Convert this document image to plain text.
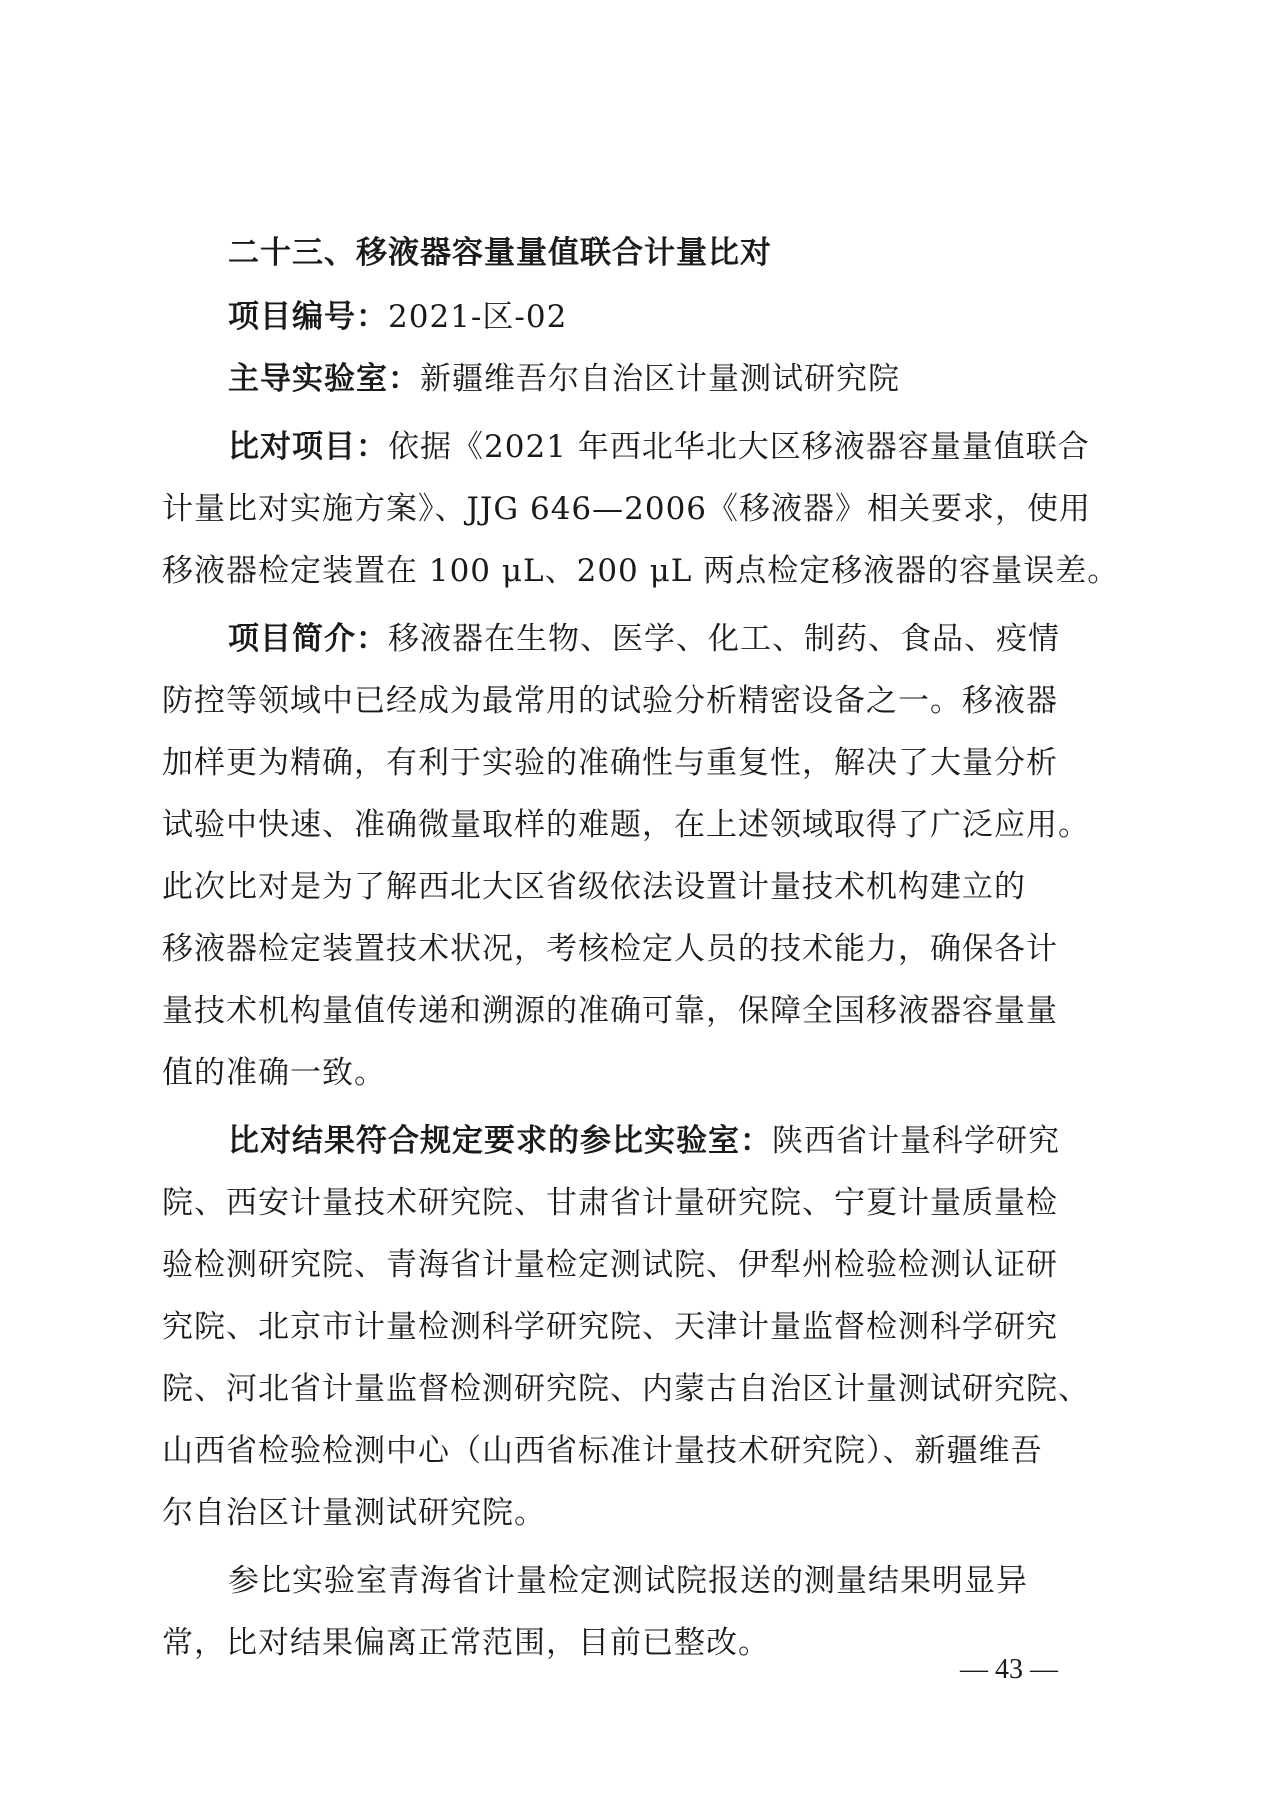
二十三、移液器容量量值联合计量比对
项目编号：2021-区-02
主导实验室：新疆维吾尔自治区计量测试研究院
比对项目：依据《2021 年西北华北大区移液器容量量值联合
计量比对实施方案》、JJG 646—2006《移液器》相关要求，使用
移液器检定装置在 100 μL、200 μL 两点检定移液器的容量误差。
项目简介：移液器在生物、医学、化工、制药、食品、疫情
防控等领域中已经成为最常用的试验分析精密设备之一。移液器
加样更为精确，有利于实验的准确性与重复性，解决了大量分析
试验中快速、准确微量取样的难题，在上述领域取得了广泛应用。
此次比对是为了解西北大区省级依法设置计量技术机构建立的
移液器检定装置技术状况，考核检定人员的技术能力，确保各计
量技术机构量值传递和溯源的准确可靠，保障全国移液器容量量
值的准确一致。
比对结果符合规定要求的参比实验室：陕西省计量科学研究
院、西安计量技术研究院、甘肃省计量研究院、宁夏计量质量检
验检测研究院、青海省计量检定测试院、伊犁州检验检测认证研
究院、北京市计量检测科学研究院、天津计量监督检测科学研究
院、河北省计量监督检测研究院、内蒙古自治区计量测试研究院、
山西省检验检测中心（山西省标准计量技术研究院）、新疆维吾
尔自治区计量测试研究院。
参比实验室青海省计量检定测试院报送的测量结果明显异
常，比对结果偏离正常范围，目前已整改。
— 43 —
